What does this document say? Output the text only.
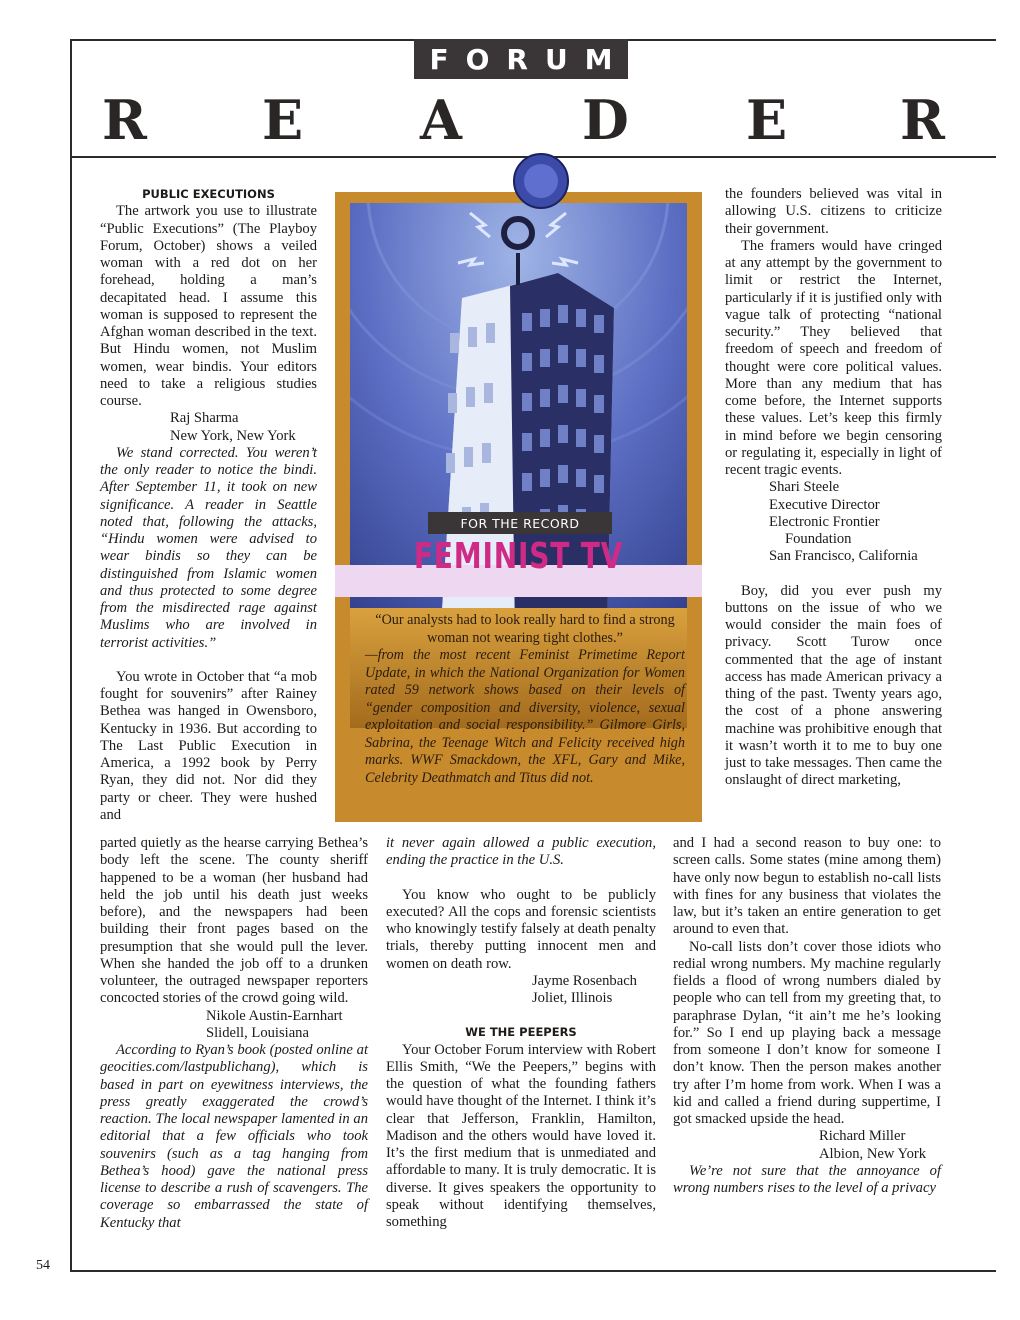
FORUM
R E A D E R

“Our analysts had to look really hard to find a strong woman not wearing tight clothes.”

—from the most recent Feminist Primetime Report Update, in which the National Organization for Women rated 59 network shows based on their levels of “gender composition and diversity, violence, sexual exploitation and social responsibility.” Gilmore Girls, Sabrina, the Teenage Witch and Felicity received high marks. WWF Smackdown, the XFL, Gary and Mike, Celebrity Deathmatch and Titus did not.

FOR THE RECORD
FEMINIST TV
PUBLIC EXECUTIONS

The artwork you use to illustrate “Public Executions” (The Playboy Forum, October) shows a veiled woman with a red dot on her forehead, holding a man’s decapitated head. I assume this woman is supposed to represent the Afghan woman described in the text. But Hindu women, not Muslim women, wear bindis. Your editors need to take a religious studies course.

Raj Sharma

New York, New York

We stand corrected. You weren’t the only reader to notice the bindi. After September 11, it took on new significance. A reader in Seattle noted that, following the attacks, “Hindu women were advised to wear bindis so they can be distinguished from Islamic women and thus protected to some degree from the misdirected rage against Muslims who are involved in terrorist activities.”

You wrote in October that “a mob fought for souvenirs” after Rainey Bethea was hanged in Owensboro, Kentucky in 1936. But according to The Last Public Execution in America, a 1992 book by Perry Ryan, they did not. Nor did they party or cheer. They were hushed and

parted quietly as the hearse carrying Bethea’s body left the scene. The county sheriff happened to be a woman (her husband had held the job until his death just weeks before), and the newspapers had been building their front pages based on the presumption that she would pull the lever. When she handed the job off to a drunken volunteer, the outraged newspaper reporters concocted stories of the crowd going wild.

Nikole Austin-Earnhart

Slidell, Louisiana

According to Ryan’s book (posted online at geocities.com/lastpublichang), which is based in part on eyewitness interviews, the press greatly exaggerated the crowd’s reaction. The local newspaper lamented in an editorial that a few officials who took souvenirs (such as a tag hanging from Bethea’s hood) gave the national press license to describe a rush of scavengers. The coverage so embarrassed the state of Kentucky that

it never again allowed a public execution, ending the practice in the U.S.

You know who ought to be publicly executed? All the cops and forensic scientists who knowingly testify falsely at death penalty trials, thereby putting innocent men and women on death row.

Jayme Rosenbach

Joliet, Illinois

WE THE PEEPERS

Your October Forum interview with Robert Ellis Smith, “We the Peepers,” begins with the question of what the founding fathers would have thought of the Internet. I think it’s clear that Jefferson, Franklin, Hamilton, Madison and the others would have loved it. It’s the first medium that is unmediated and affordable to many. It is truly democratic. It is diverse. It gives speakers the opportunity to speak without identifying themselves, something

the founders believed was vital in allowing U.S. citizens to criticize their government.

The framers would have cringed at any attempt by the government to limit or restrict the Internet, particularly if it is justified only with vague talk of protecting “national security.” They believed that freedom of speech and freedom of thought were core political values. More than any medium that has come before, the Internet supports these values. Let’s keep this firmly in mind before we begin censoring or regulating it, especially in light of recent tragic events.

Shari Steele

Executive Director

Electronic Frontier

Foundation

San Francisco, California

Boy, did you ever push my buttons on the issue of who we would consider the main foes of privacy. Scott Turow once commented that the age of instant access has made American privacy a thing of the past. Twenty years ago, the cost of a phone answering machine was prohibitive enough that it wasn’t worth it to me to buy one just to take messages. Then came the onslaught of direct marketing,

and I had a second reason to buy one: to screen calls. Some states (mine among them) have only now begun to establish no-call lists with fines for any business that violates the law, but it’s taken an entire generation to get around to even that.

No-call lists don’t cover those idiots who redial wrong numbers. My machine regularly fields a flood of wrong numbers dialed by people who can tell from my greeting that, to paraphrase Dylan, “it ain’t me he’s looking for.” So I end up playing back a message from someone I don’t know for someone I don’t know. Then the person makes another try after I’m home from work. When I was a kid and called a friend during suppertime, I got smacked upside the head.

Richard Miller

Albion, New York

We’re not sure that the annoyance of wrong numbers rises to the level of a privacy

54
